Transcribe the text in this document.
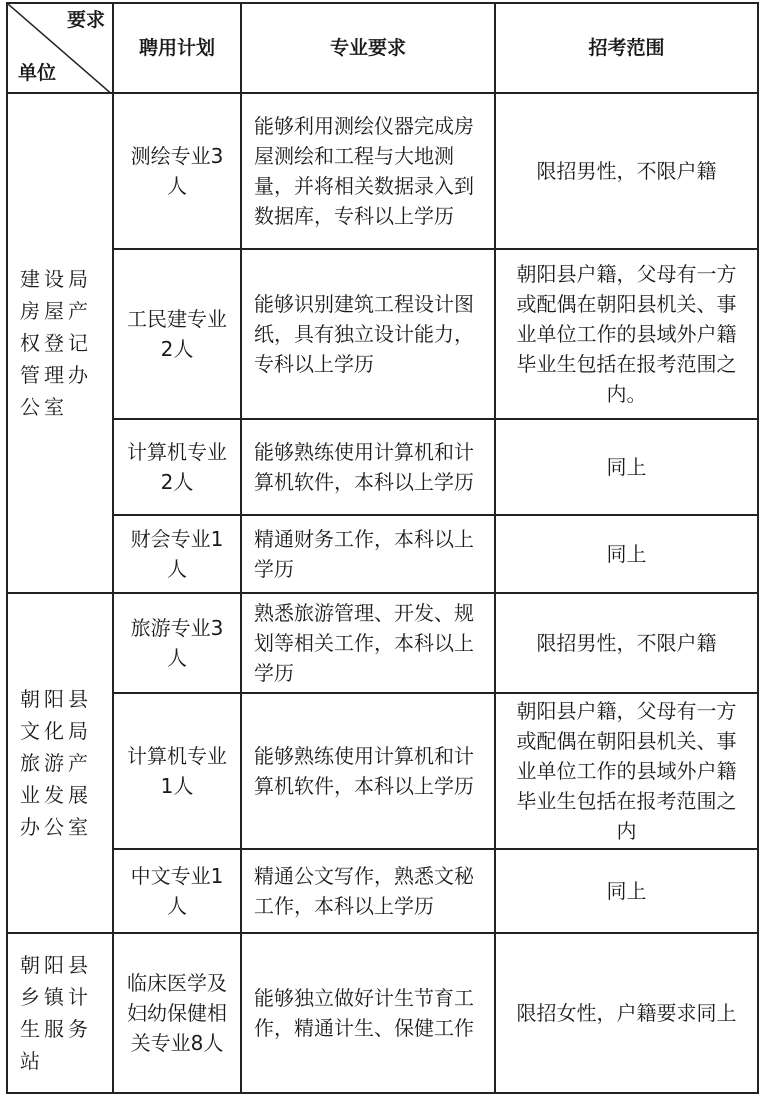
要求
单位	聘用计划	专业要求	招考范围
建设局房屋产权登记管理办公室	测绘专业3人	能够利用测绘仪器完成房屋测绘和工程与大地测量，并将相关数据录入到数据库，专科以上学历	限招男性，不限户籍
	工民建专业2人	能够识别建筑工程设计图纸，具有独立设计能力，专科以上学历	朝阳县户籍，父母有一方或配偶在朝阳县机关、事业单位工作的县域外户籍毕业生包括在报考范围之内。
	计算机专业2人	能够熟练使用计算机和计算机软件，本科以上学历	同上
	财会专业1人	精通财务工作，本科以上学历	同上
朝阳县文化局旅游产业发展办公室	旅游专业3人	熟悉旅游管理、开发、规划等相关工作，本科以上学历	限招男性，不限户籍
	计算机专业1人	能够熟练使用计算机和计算机软件，本科以上学历	朝阳县户籍，父母有一方或配偶在朝阳县机关、事业单位工作的县域外户籍毕业生包括在报考范围之内
	中文专业1人	精通公文写作，熟悉文秘工作，本科以上学历	同上
朝阳县乡镇计生服务站	临床医学及妇幼保健相关专业8人	能够独立做好计生节育工作，精通计生、保健工作	限招女性，户籍要求同上
